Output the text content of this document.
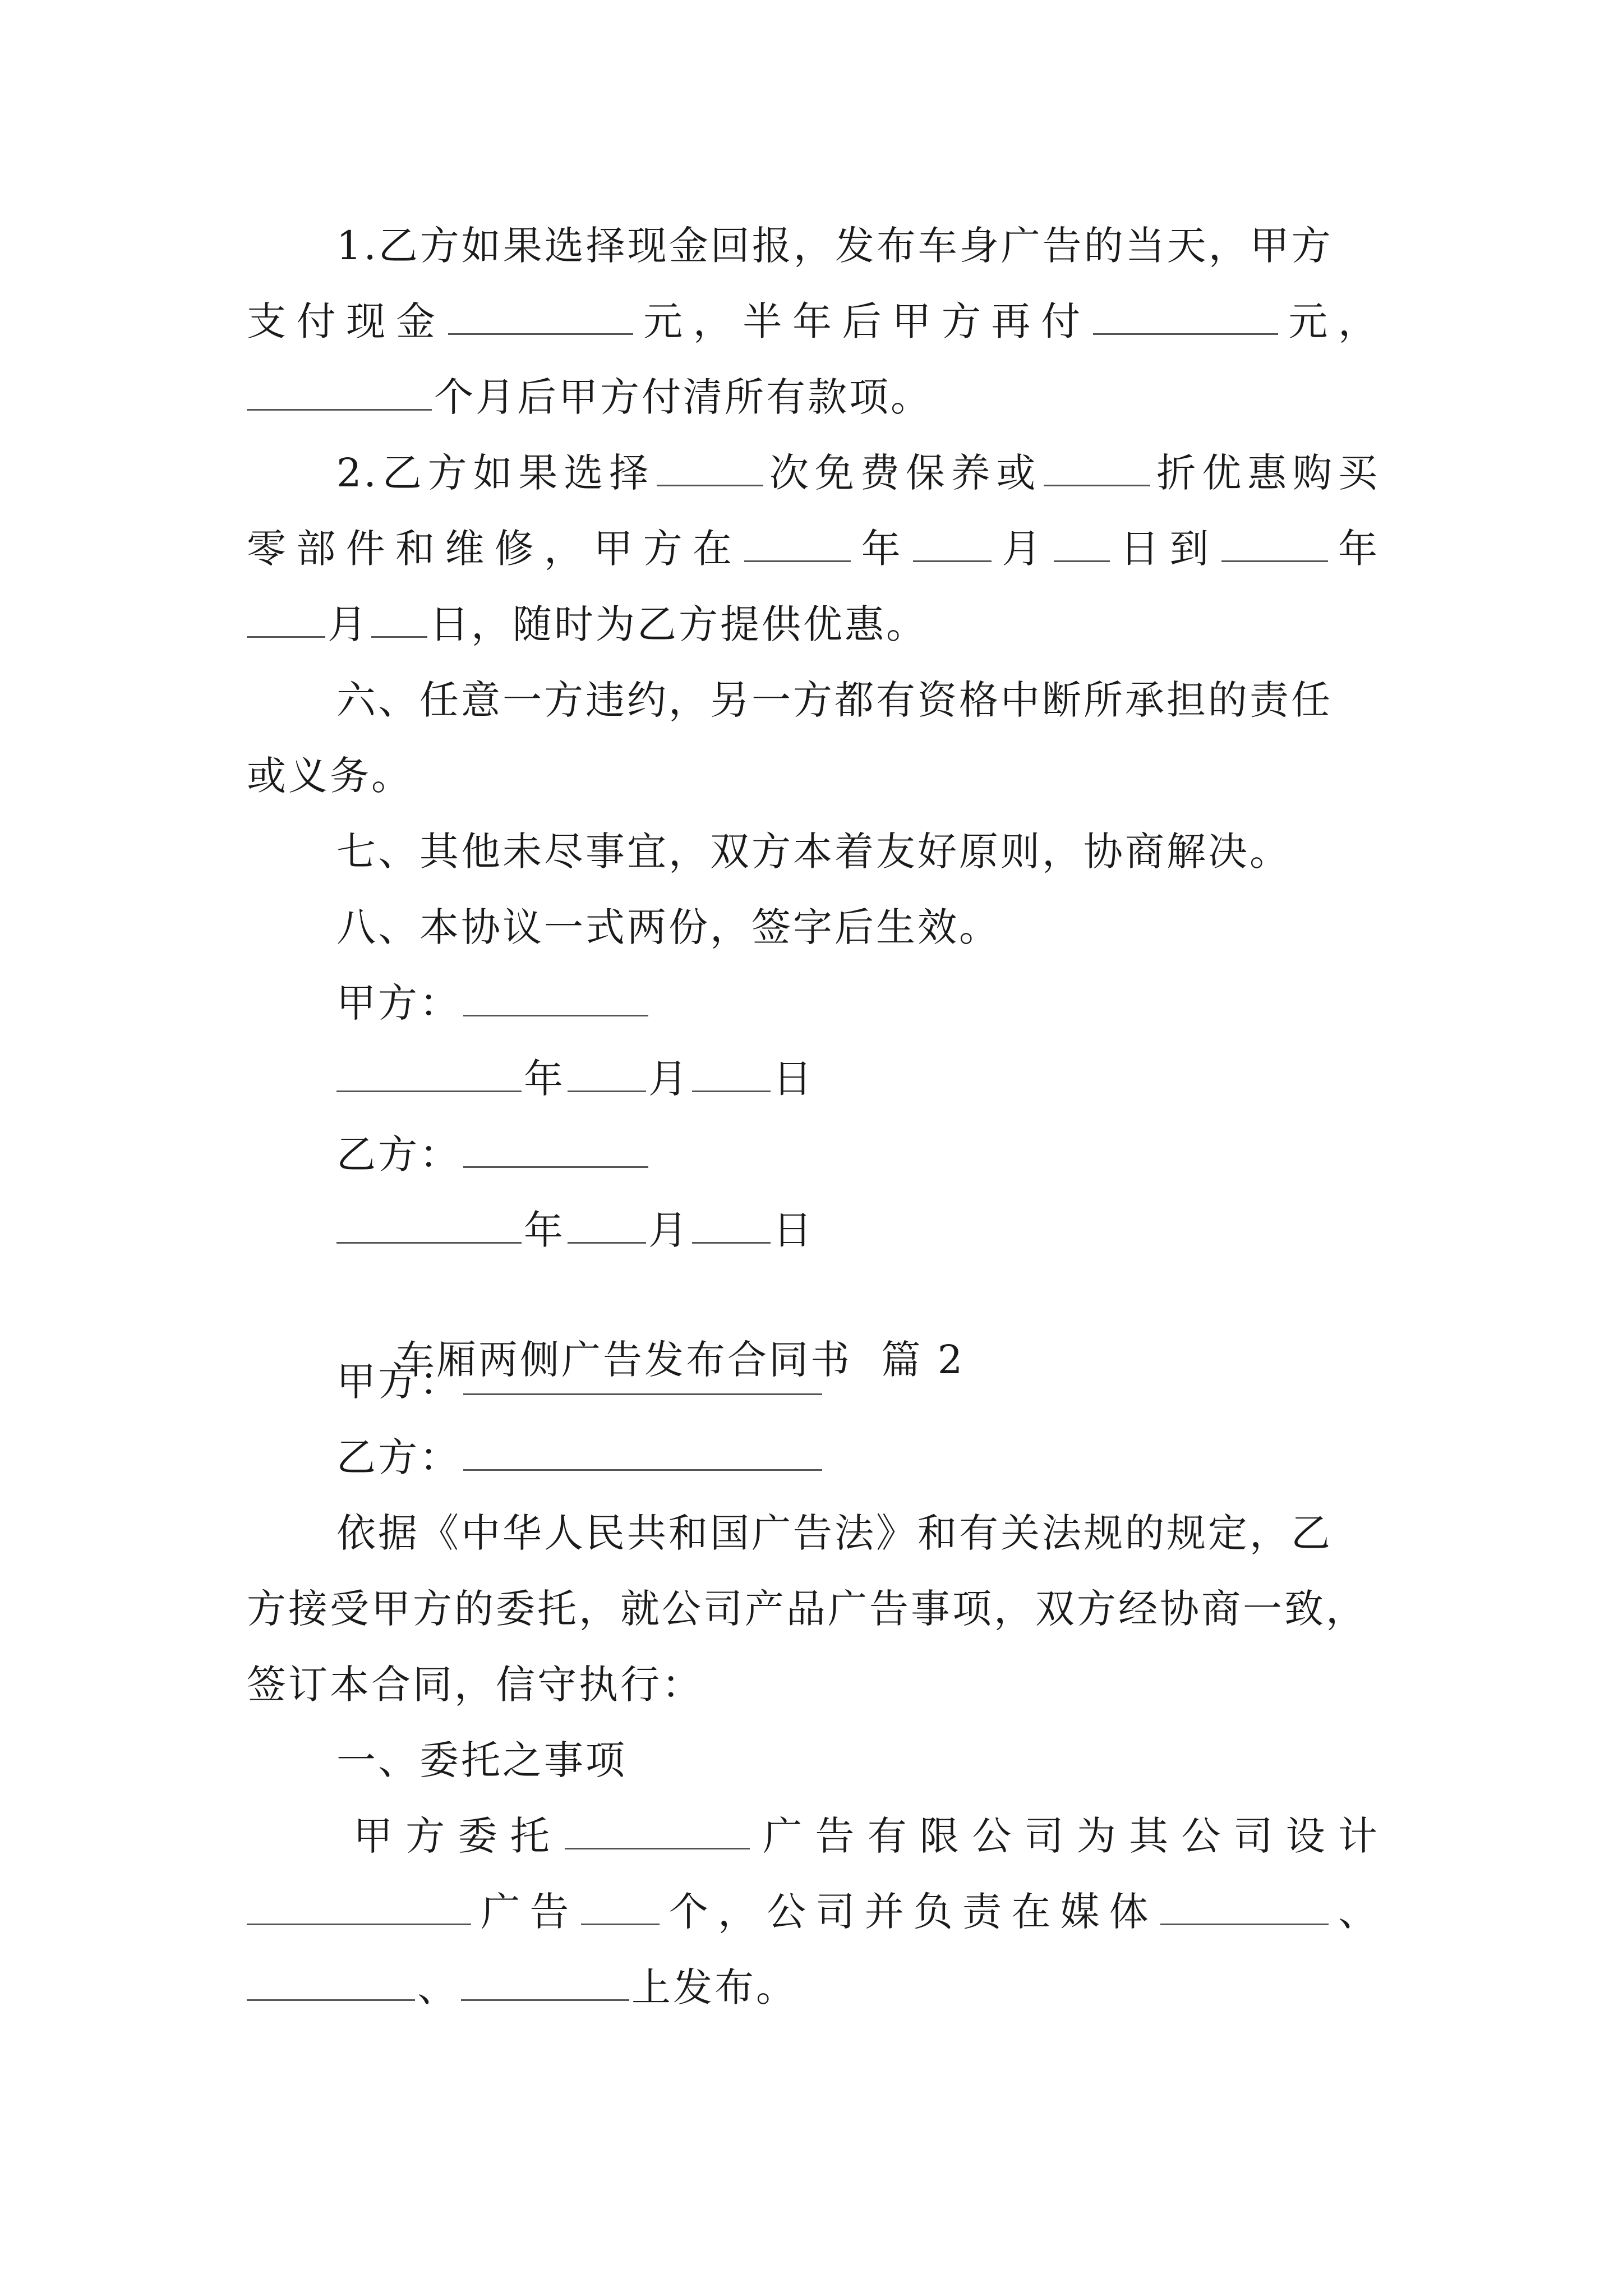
1.乙方如果选择现金回报，发布车身广告的当天，甲方
支付现金	元，半年后甲方再付	元，
个月后甲方付清所有款项。
2.乙方如果选择	次免费保养或	折优惠购买
零部件和维修，甲方在	年 月 日到	年
月 日，随时为乙方提供优惠。
六、任意一方违约，另一方都有资格中断所承担的责任
或义务。
七、其他未尽事宜，双方本着友好原则，协商解决。
八、本协议一式两份，签字后生效。
甲方：
年 月 日
乙方：
年 月 日

车厢两侧广告发布合同书  篇 2

甲方：
乙方：
依据《中华人民共和国广告法》和有关法规的规定，乙
方接受甲方的委托，就公司产品广告事项，双方经协商一致，
签订本合同，信守执行：
一、委托之事项
甲方委托	广告有限公司为其公司设计
广告 个，公司并负责在媒体	、
、	上发布。
